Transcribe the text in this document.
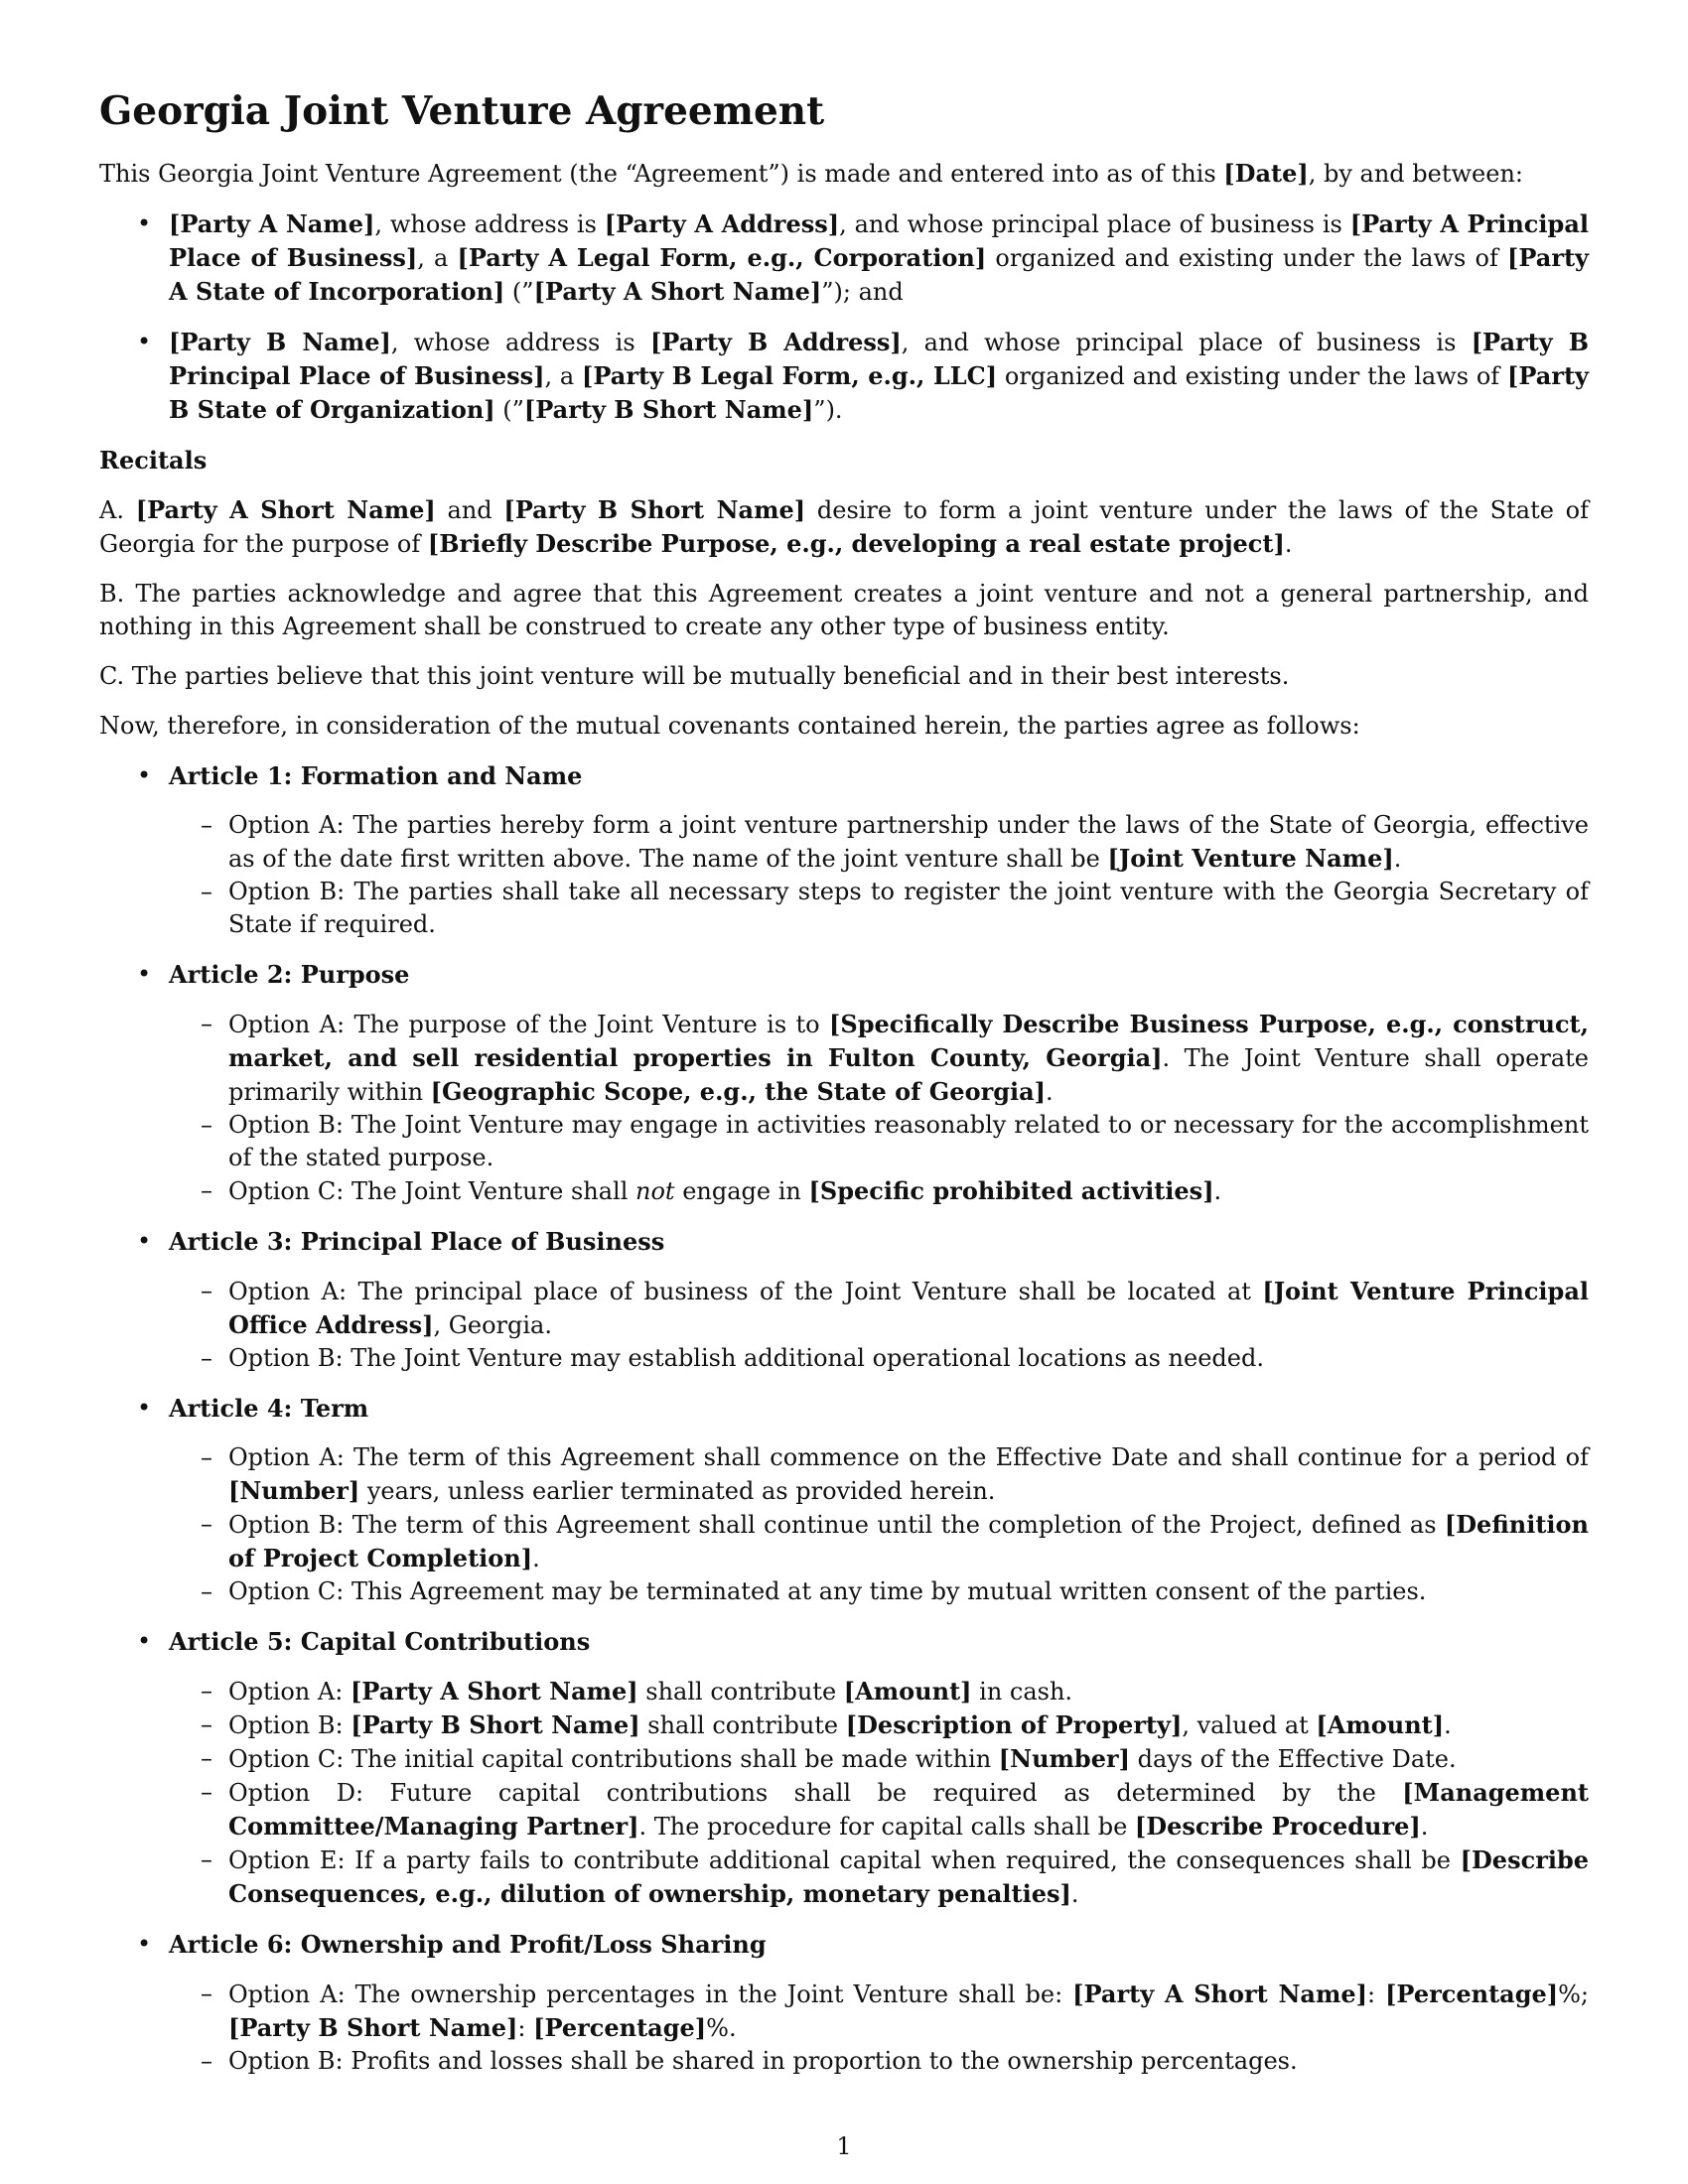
Georgia Joint Venture Agreement

This Georgia Joint Venture Agreement (the “Agreement”) is made and entered into as of this [Date], by and between:

• [Party A Name], whose address is [Party A Address], and whose principal place of business is [Party A Principal Place of Business], a [Party A Legal Form, e.g., Corporation] organized and existing under the laws of [Party A State of Incorporation] (”[Party A Short Name]”); and
• [Party B Name], whose address is [Party B Address], and whose principal place of business is [Party B Principal Place of Business], a [Party B Legal Form, e.g., LLC] organized and existing under the laws of [Party B State of Organization] (”[Party B Short Name]”).
Recitals

A. [Party A Short Name] and [Party B Short Name] desire to form a joint venture under the laws of the State of Georgia for the purpose of [Briefly Describe Purpose, e.g., developing a real estate project].

B. The parties acknowledge and agree that this Agreement creates a joint venture and not a general partnership, and nothing in this Agreement shall be construed to create any other type of business entity.

C. The parties believe that this joint venture will be mutually beneficial and in their best interests.

Now, therefore, in consideration of the mutual covenants contained herein, the parties agree as follows:

• Article 1: Formation and Name
– Option A: The parties hereby form a joint venture partnership under the laws of the State of Georgia, effective as of the date first written above. The name of the joint venture shall be [Joint Venture Name].
– Option B: The parties shall take all necessary steps to register the joint venture with the Georgia Secretary of State if required.
• Article 2: Purpose
– Option A: The purpose of the Joint Venture is to [Specifically Describe Business Purpose, e.g., construct, market, and sell residential properties in Fulton County, Georgia]. The Joint Venture shall operate primarily within [Geographic Scope, e.g., the State of Georgia].
– Option B: The Joint Venture may engage in activities reasonably related to or necessary for the accomplishment of the stated purpose.
– Option C: The Joint Venture shall not engage in [Specific prohibited activities].
• Article 3: Principal Place of Business
– Option A: The principal place of business of the Joint Venture shall be located at [Joint Venture Principal Office Address], Georgia.
– Option B: The Joint Venture may establish additional operational locations as needed.
• Article 4: Term
– Option A: The term of this Agreement shall commence on the Effective Date and shall continue for a period of [Number] years, unless earlier terminated as provided herein.
– Option B: The term of this Agreement shall continue until the completion of the Project, defined as [Definition of Project Completion].
– Option C: This Agreement may be terminated at any time by mutual written consent of the parties.
• Article 5: Capital Contributions
– Option A: [Party A Short Name] shall contribute [Amount] in cash.
– Option B: [Party B Short Name] shall contribute [Description of Property], valued at [Amount].
– Option C: The initial capital contributions shall be made within [Number] days of the Effective Date.
– Option D: Future capital contributions shall be required as determined by the [Management Committee/Managing Partner]. The procedure for capital calls shall be [Describe Procedure].
– Option E: If a party fails to contribute additional capital when required, the consequences shall be [Describe Consequences, e.g., dilution of ownership, monetary penalties].
• Article 6: Ownership and Profit/Loss Sharing
– Option A: The ownership percentages in the Joint Venture shall be: [Party A Short Name]: [Percentage]%; [Party B Short Name]: [Percentage]%.
– Option B: Profits and losses shall be shared in proportion to the ownership percentages.
1
